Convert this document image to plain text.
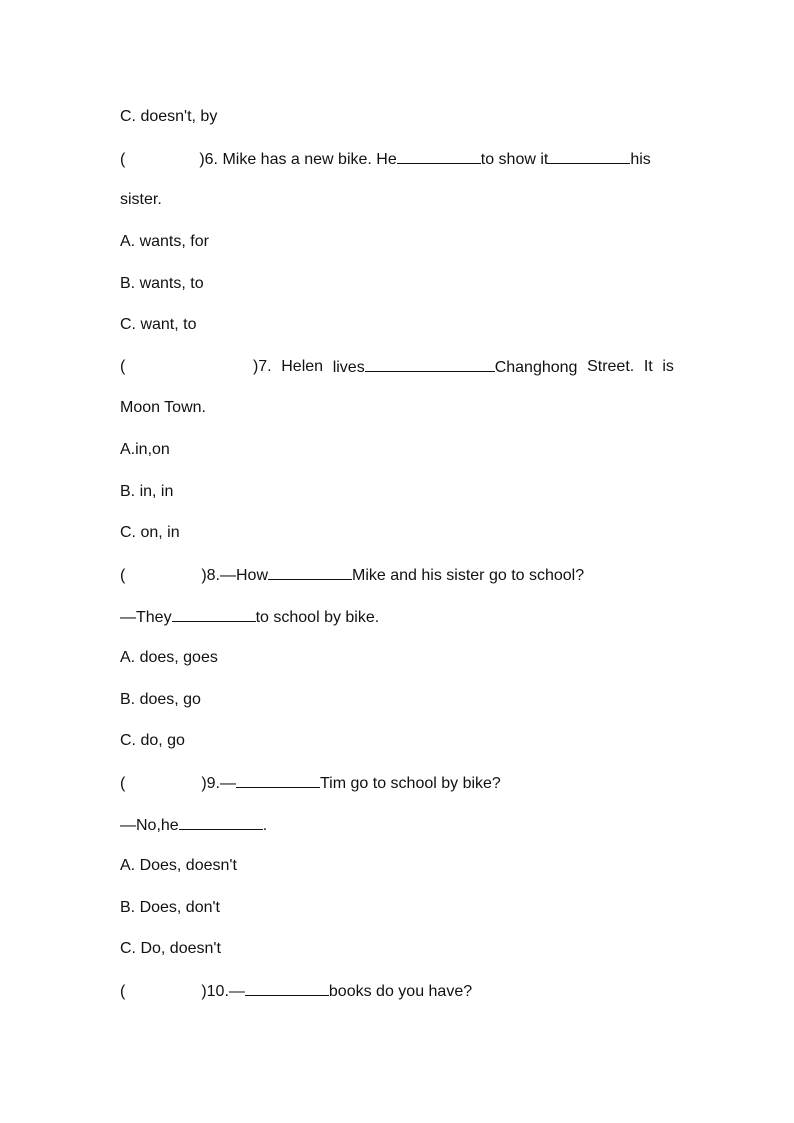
C. doesn't, by
(	)6. Mike has a new bike. He	to show it	his
sister.
A. wants, for
B. wants, to
C. want, to
(	)7. Helen lives	Changhong Street. It is
Moon Town.
A.in,on
B. in, in
C. on, in
(	)8.—How	Mike and his sister go to school?
—They	to school by bike.
A. does, goes
B. does, go
C. do, go
(	)9.—	Tim go to school by bike?
—No,he	.
A. Does, doesn't
B. Does, don't
C. Do, doesn't
(	)10.—	books do you have?
